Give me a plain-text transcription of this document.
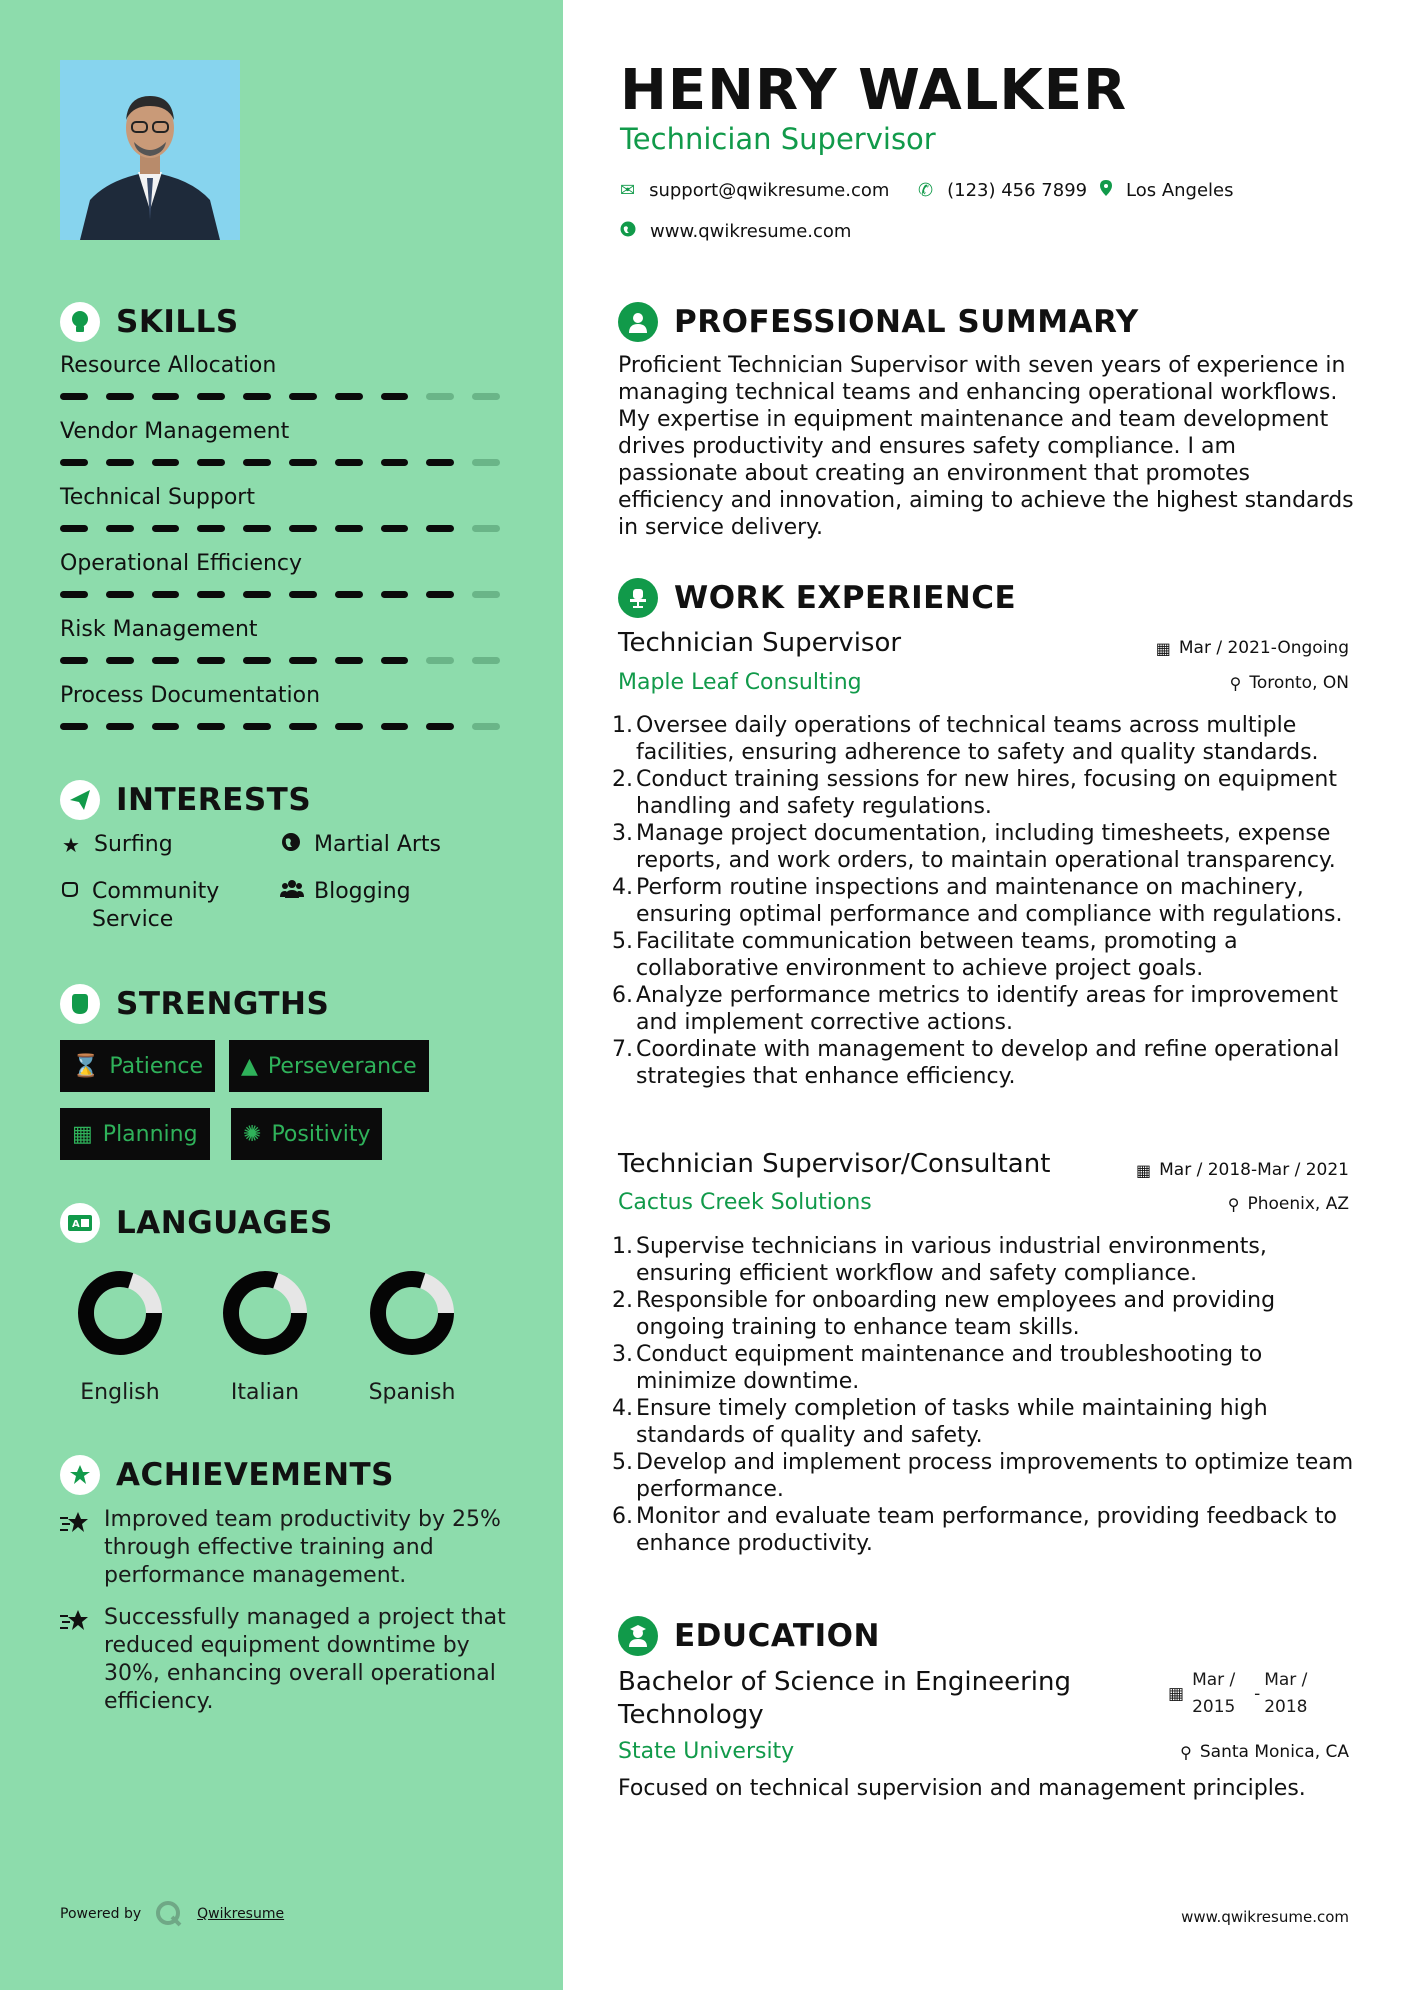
SKILLS
Resource Allocation
Vendor Management
Technical Support
Operational Efficiency
Risk Management
Process Documentation
INTERESTS
★ Surfing	Martial Arts
Community Service
Blogging
STRENGTHS
⌛ Patience ▲ Perseverance
▦ Planning ✺ Positivity
A LANGUAGES
English	Italian	Spanish
ACHIEVEMENTS
Improved team productivity by 25% through effective training and performance management.
Successfully managed a project that reduced equipment downtime by 30%, enhancing overall operational efficiency.
Powered by	Qwikresume
HENRY WALKER
Technician Supervisor
✉ support@qwikresume.com ✆ (123) 456 7899 Los Angeles
www.qwikresume.com
PROFESSIONAL SUMMARY
Proficient Technician Supervisor with seven years of experience in managing technical teams and enhancing operational workflows. My expertise in equipment maintenance and team development drives productivity and ensures safety compliance. I am passionate about creating an environment that promotes efficiency and innovation, aiming to achieve the highest standards in service delivery.
WORK EXPERIENCE
Technician Supervisor	▦ Mar / 2021-Ongoing
Maple Leaf Consulting	⚲ Toronto, ON
1. Oversee daily operations of technical teams across multiple facilities, ensuring adherence to safety and quality standards.
2. Conduct training sessions for new hires, focusing on equipment handling and safety regulations.
3. Manage project documentation, including timesheets, expense reports, and work orders, to maintain operational transparency.
4. Perform routine inspections and maintenance on machinery, ensuring optimal performance and compliance with regulations.
5. Facilitate communication between teams, promoting a collaborative environment to achieve project goals.
6. Analyze performance metrics to identify areas for improvement and implement corrective actions.
7. Coordinate with management to develop and refine operational strategies that enhance efficiency.
Technician Supervisor/Consultant	▦ Mar / 2018-Mar / 2021
Cactus Creek Solutions	⚲ Phoenix, AZ
1. Supervise technicians in various industrial environments, ensuring efficient workflow and safety compliance.
2. Responsible for onboarding new employees and providing ongoing training to enhance team skills.
3. Conduct equipment maintenance and troubleshooting to minimize downtime.
4. Ensure timely completion of tasks while maintaining high standards of quality and safety.
5. Develop and implement process improvements to optimize team performance.
6. Monitor and evaluate team performance, providing feedback to enhance productivity.
EDUCATION
Bachelor of Science in Engineering
Technology
▦
Mar / 2015
-
Mar / 2018
State University	⚲ Santa Monica, CA
Focused on technical supervision and management principles.
www.qwikresume.com
